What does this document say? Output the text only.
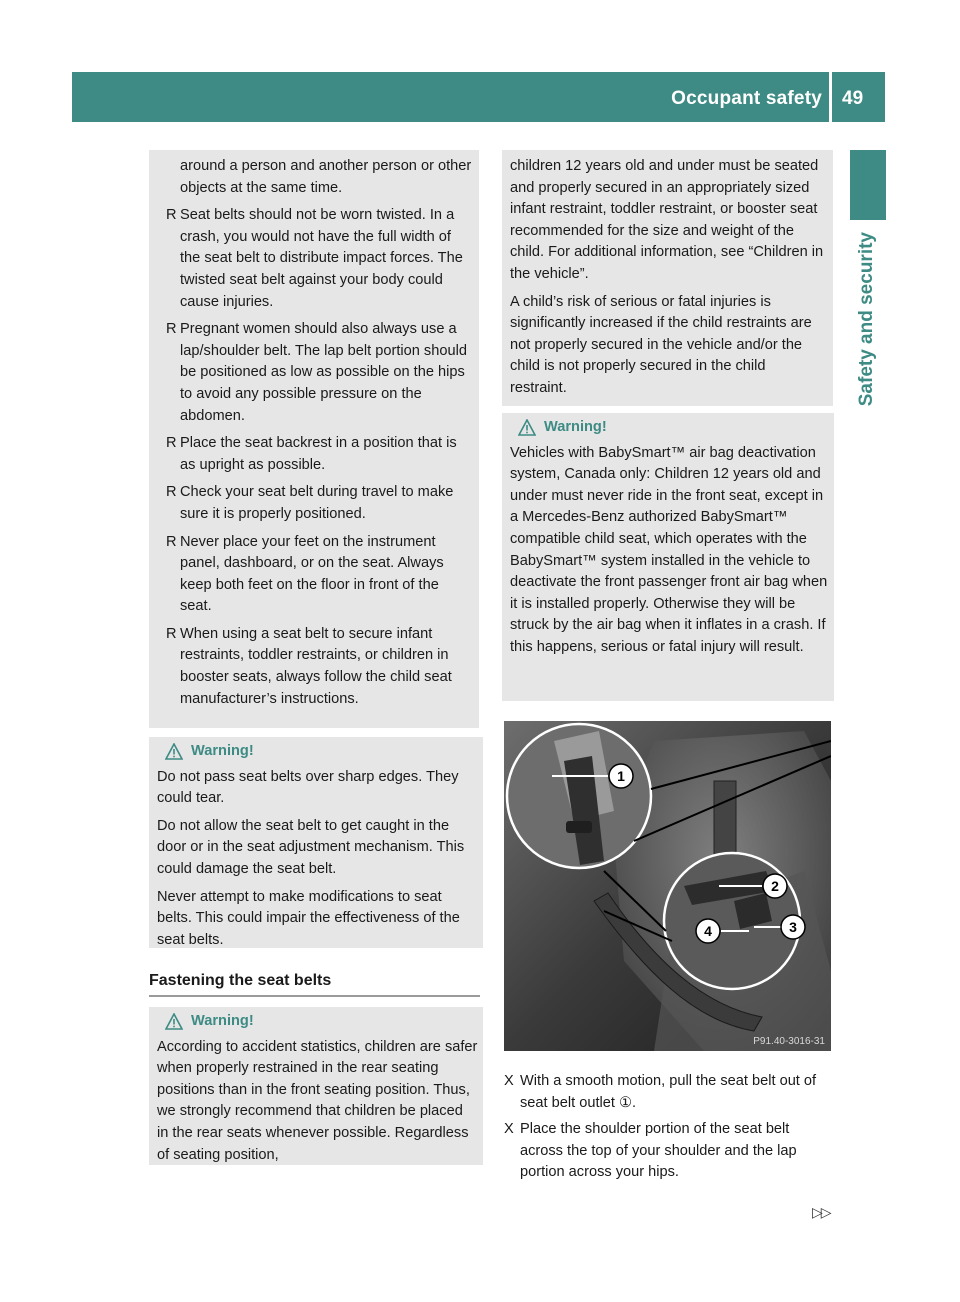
Occupant safety 49
Safety and security
around a person and another person or other objects at the same time.
R Seat belts should not be worn twisted. In a crash, you would not have the full width of the seat belt to distribute impact forces. The twisted seat belt against your body could cause injuries.
R Pregnant women should also always use a lap/shoulder belt. The lap belt portion should be positioned as low as possible on the hips to avoid any possible pressure on the abdomen.
R Place the seat backrest in a position that is as upright as possible.
R Check your seat belt during travel to make sure it is properly positioned.
R Never place your feet on the instrument panel, dashboard, or on the seat. Always keep both feet on the floor in front of the seat.
R When using a seat belt to secure infant restraints, toddler restraints, or children in booster seats, always follow the child seat manufacturer’s instructions.
Warning!

Do not pass seat belts over sharp edges. They could tear.

Do not allow the seat belt to get caught in the door or in the seat adjustment mechanism. This could damage the seat belt.

Never attempt to make modifications to seat belts. This could impair the effectiveness of the seat belts.

Fastening the seat belts
Warning!

According to accident statistics, children are safer when properly restrained in the rear seating positions than in the front seating position. Thus, we strongly recommend that children be placed in the rear seats whenever possible. Regardless of seating position,

children 12 years old and under must be seated and properly secured in an appropriately sized infant restraint, toddler restraint, or booster seat recommended for the size and weight of the child. For additional information, see “Children in the vehicle”.

A child’s risk of serious or fatal injuries is significantly increased if the child restraints are not properly secured in the vehicle and/or the child is not properly secured in the child restraint.

Warning!

Vehicles with BabySmart™ air bag deactivation system, Canada only: Children 12 years old and under must never ride in the front seat, except in a Mercedes-Benz authorized BabySmart™ compatible child seat, which operates with the BabySmart™ system installed in the vehicle to deactivate the front passenger front air bag when it is installed properly. Otherwise they will be struck by the air bag when it inflates in a crash. If this happens, serious or fatal injury will result.

1
2
3
4
P91.40-3016-31
X With a smooth motion, pull the seat belt out of seat belt outlet ①.
X Place the shoulder portion of the seat belt across the top of your shoulder and the lap portion across your hips.
▷▷
